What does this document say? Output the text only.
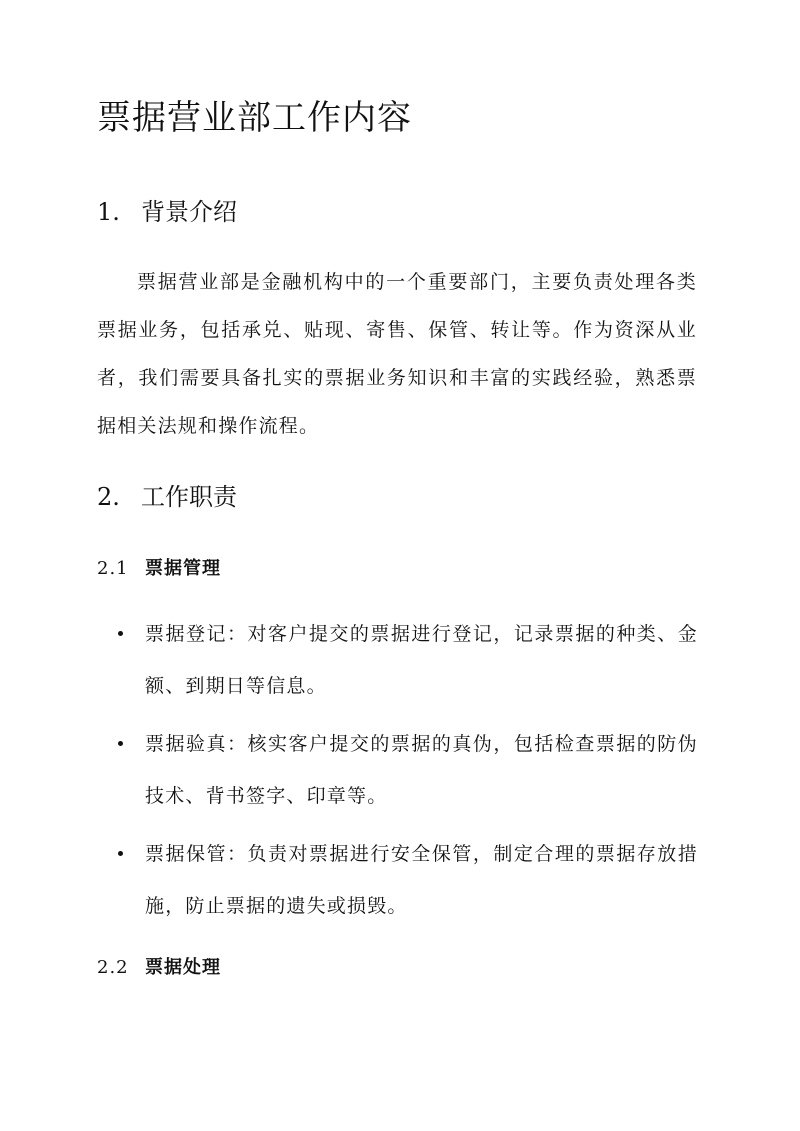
票据营业部工作内容
1. 背景介绍

票据营业部是金融机构中的一个重要部门，主要负责处理各类票据业务，包括承兑、贴现、寄售、保管、转让等。作为资深从业者，我们需要具备扎实的票据业务知识和丰富的实践经验，熟悉票据相关法规和操作流程。

2. 工作职责
2.1 票据管理
票据登记：对客户提交的票据进行登记，记录票据的种类、金额、到期日等信息。
票据验真：核实客户提交的票据的真伪，包括检查票据的防伪技术、背书签字、印章等。
票据保管：负责对票据进行安全保管，制定合理的票据存放措施，防止票据的遗失或损毁。
2.2 票据处理
